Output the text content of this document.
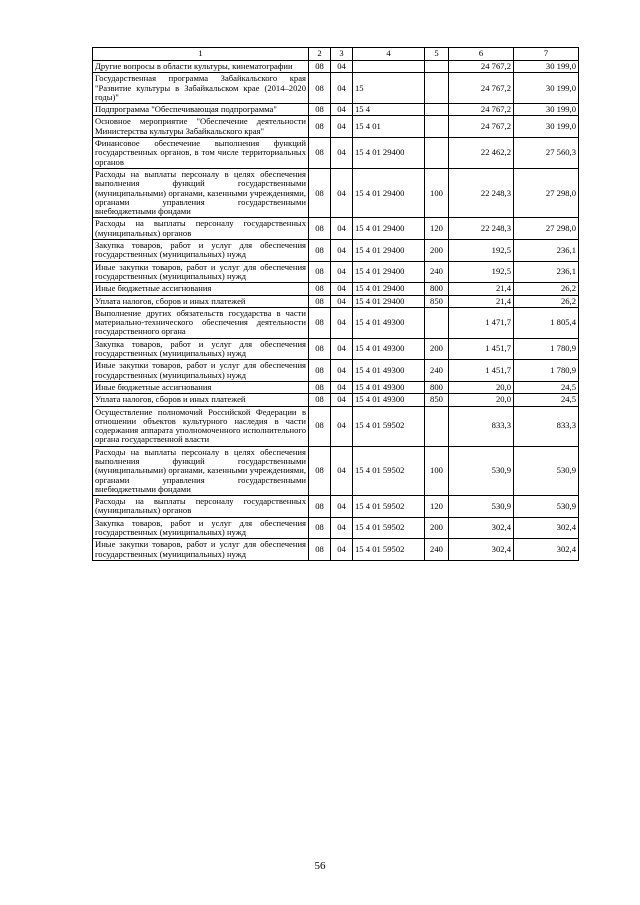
1	2	3	4	5	6	7
Другие вопросы в области культуры, кинематографии	08	04			24 767,2	30 199,0
Государственная программа Забайкальского края "Развитие культуры в Забайкальском крае (2014–2020 годы)"	08	04	15		24 767,2	30 199,0
Подпрограмма "Обеспечивающая подпрограмма"	08	04	15 4		24 767,2	30 199,0
Основное мероприятие "Обеспечение деятельности Министерства культуры Забайкальского края"	08	04	15 4 01		24 767,2	30 199,0
Финансовое обеспечение выполнения функций государственных органов, в том числе территориальных органов	08	04	15 4 01 29400		22 462,2	27 560,3
Расходы на выплаты персоналу в целях обеспечения выполнения функций государственными (муниципальными) органами, казенными учреждениями, органами управления государственными внебюджетными фондами	08	04	15 4 01 29400	100	22 248,3	27 298,0
Расходы на выплаты персоналу государственных (муниципальных) органов	08	04	15 4 01 29400	120	22 248,3	27 298,0
Закупка товаров, работ и услуг для обеспечения государственных (муниципальных) нужд	08	04	15 4 01 29400	200	192,5	236,1
Иные закупки товаров, работ и услуг для обеспечения государственных (муниципальных) нужд	08	04	15 4 01 29400	240	192,5	236,1
Иные бюджетные ассигнования	08	04	15 4 01 29400	800	21,4	26,2
Уплата налогов, сборов и иных платежей	08	04	15 4 01 29400	850	21,4	26,2
Выполнение других обязательств государства в части материально-технического обеспечения деятельности государственного органа	08	04	15 4 01 49300		1 471,7	1 805,4
Закупка товаров, работ и услуг для обеспечения государственных (муниципальных) нужд	08	04	15 4 01 49300	200	1 451,7	1 780,9
Иные закупки товаров, работ и услуг для обеспечения государственных (муниципальных) нужд	08	04	15 4 01 49300	240	1 451,7	1 780,9
Иные бюджетные ассигнования	08	04	15 4 01 49300	800	20,0	24,5
Уплата налогов, сборов и иных платежей	08	04	15 4 01 49300	850	20,0	24,5
Осуществление полномочий Российской Федерации в отношении объектов культурного наследия в части содержания аппарата уполномоченного исполнительного органа государственной власти	08	04	15 4 01 59502		833,3	833,3
Расходы на выплаты персоналу в целях обеспечения выполнения функций государственными (муниципальными) органами, казенными учреждениями, органами управления государственными внебюджетными фондами	08	04	15 4 01 59502	100	530,9	530,9
Расходы на выплаты персоналу государственных (муниципальных) органов	08	04	15 4 01 59502	120	530,9	530,9
Закупка товаров, работ и услуг для обеспечения государственных (муниципальных) нужд	08	04	15 4 01 59502	200	302,4	302,4
Иные закупки товаров, работ и услуг для обеспечения государственных (муниципальных) нужд	08	04	15 4 01 59502	240	302,4	302,4
56
